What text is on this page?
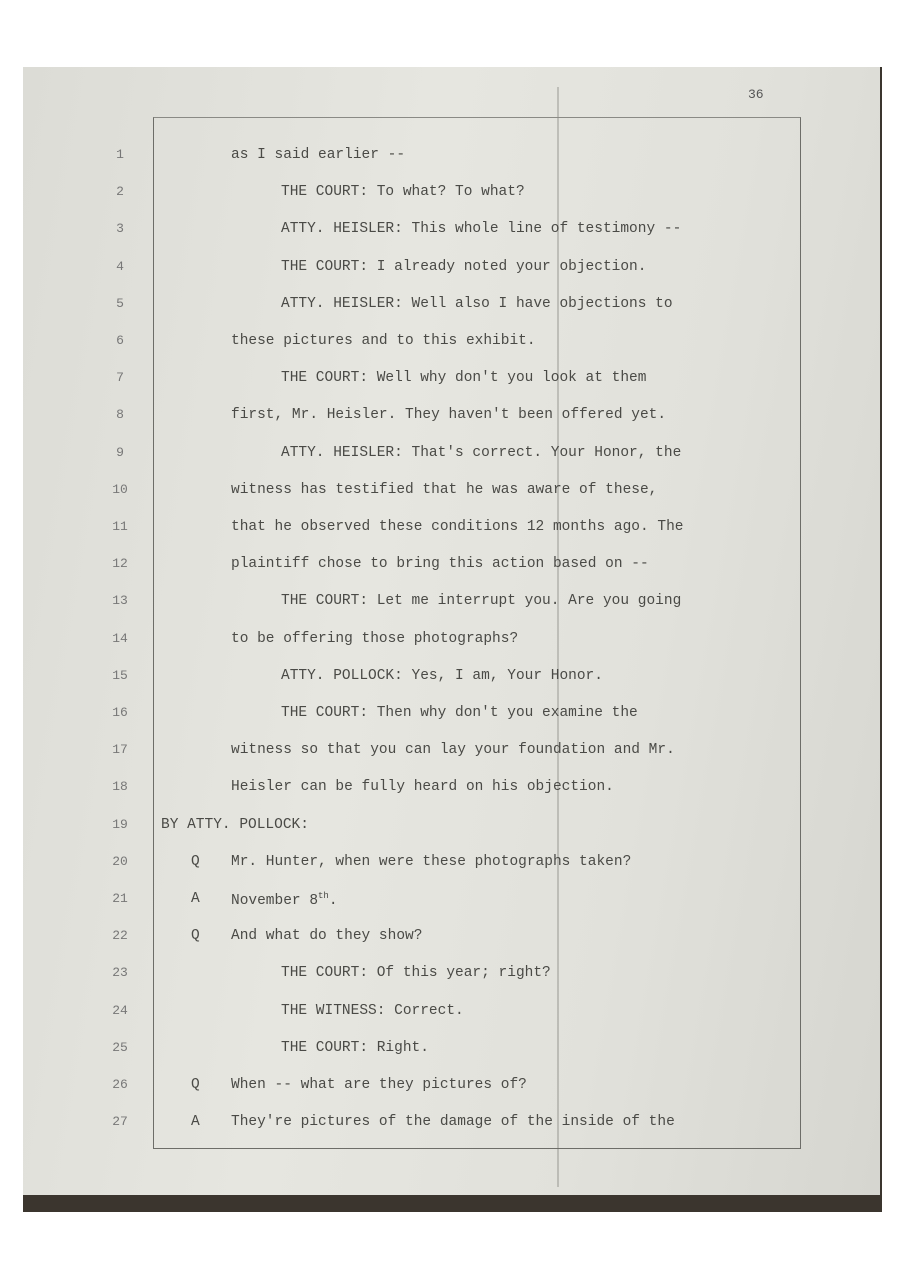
36
1	as I said earlier --
2	THE COURT: To what? To what?
3	ATTY. HEISLER: This whole line of testimony --
4	THE COURT: I already noted your objection.
5	ATTY. HEISLER: Well also I have objections to
6	these pictures and to this exhibit.
7	THE COURT: Well why don't you look at them
8	first, Mr. Heisler. They haven't been offered yet.
9	ATTY. HEISLER: That's correct. Your Honor, the
10	witness has testified that he was aware of these,
11	that he observed these conditions 12 months ago. The
12	plaintiff chose to bring this action based on --
13	THE COURT: Let me interrupt you. Are you going
14	to be offering those photographs?
15	ATTY. POLLOCK: Yes, I am, Your Honor.
16	THE COURT: Then why don't you examine the
17	witness so that you can lay your foundation and Mr.
18	Heisler can be fully heard on his objection.
19	BY ATTY. POLLOCK:
20	Q Mr. Hunter, when were these photographs taken?
21	A November 8th.
22	Q And what do they show?
23	THE COURT: Of this year; right?
24	THE WITNESS: Correct.
25	THE COURT: Right.
26	Q When -- what are they pictures of?
27	A They're pictures of the damage of the inside of the
